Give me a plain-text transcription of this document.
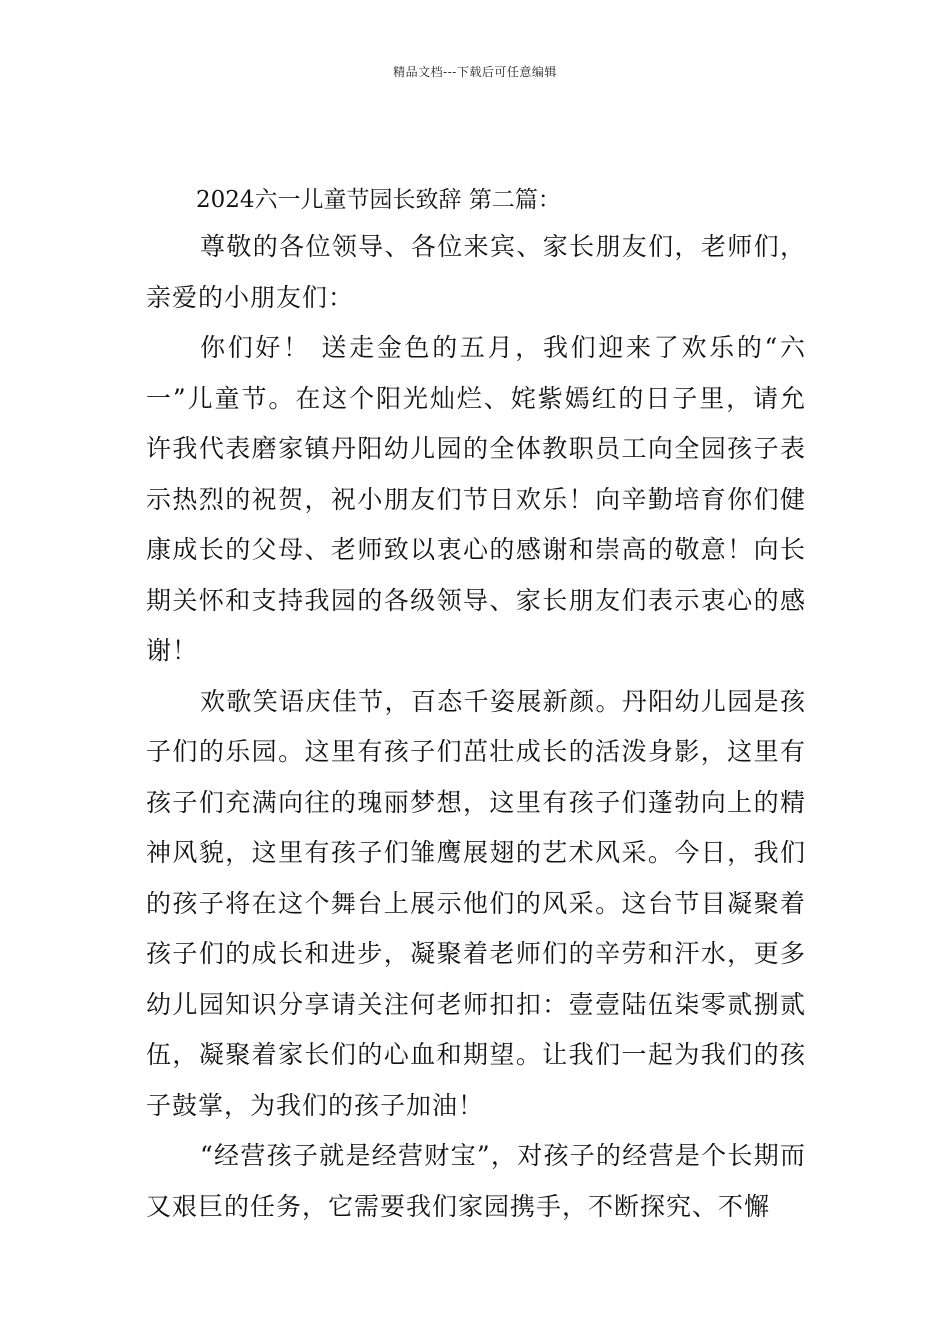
精品文档---下载后可任意编辑
2024六一儿童节园长致辞 第二篇：

尊敬的各位领导、各位来宾、家长朋友们，老师们，亲爱的小朋友们：

你们好！ 送走金色的五月，我们迎来了欢乐的“六一”儿童节。在这个阳光灿烂、姹紫嫣红的日子里，请允许我代表磨家镇丹阳幼儿园的全体教职员工向全园孩子表示热烈的祝贺，祝小朋友们节日欢乐！向辛勤培育你们健康成长的父母、老师致以衷心的感谢和崇高的敬意！向长期关怀和支持我园的各级领导、家长朋友们表示衷心的感谢！

欢歌笑语庆佳节，百态千姿展新颜。丹阳幼儿园是孩子们的乐园。这里有孩子们茁壮成长的活泼身影，这里有孩子们充满向往的瑰丽梦想，这里有孩子们蓬勃向上的精神风貌，这里有孩子们雏鹰展翅的艺术风采。今日，我们的孩子将在这个舞台上展示他们的风采。这台节目凝聚着孩子们的成长和进步，凝聚着老师们的辛劳和汗水，更多幼儿园知识分享请关注何老师扣扣：壹壹陆伍柒零贰捌贰伍，凝聚着家长们的心血和期望。让我们一起为我们的孩子鼓掌，为我们的孩子加油！

“经营孩子就是经营财宝”，对孩子的经营是个长期而又艰巨的任务，它需要我们家园携手，不断探究、不懈
